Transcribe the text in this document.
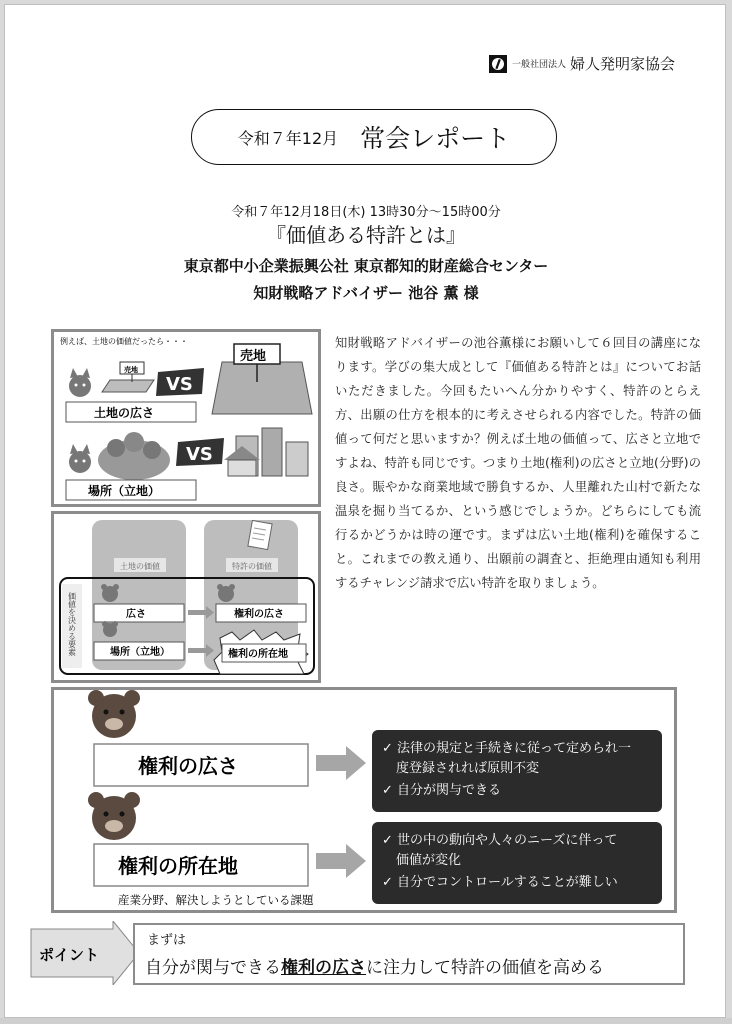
一般社団法人 婦人発明家協会
令和７年12月 常会レポート
令和７年12月18日(木) 13時30分～15時00分
『価値ある特許とは』
東京都中小企業振興公社 東京都知的財産総合センター
知財戦略アドバイザー 池谷 薫 様
例えば、土地の価値だったら・・・
売地
VS
売地
土地の広さ
VS
場所（立地）
土地の価値	特許の価値
価値を決める要素	広さ	権利の広さ
場所（立地）	権利の所在地
知財戦略アドバイザーの池谷薫様にお願いして６回目の講座になります。学びの集大成として『価値ある特許とは』についてお話いただきました。今回もたいへん分かりやすく、特許のとらえ方、出願の仕方を根本的に考えさせられる内容でした。特許の価値って何だと思いますか？例えば土地の価値って、広さと立地ですよね、特許も同じです。つまり土地(権利)の広さと立地(分野)の良さ。賑やかな商業地域で勝負するか、人里離れた山村で新たな温泉を掘り当てるか、という感じでしょうか。どちらにしても流行るかどうかは時の運です。まずは広い土地(権利)を確保すること。これまでの教え通り、出願前の調査と、拒絶理由通知も利用するチャレンジ請求で広い特許を取りましょう。
権利の広さ
✓ 法律の規定と手続きに従って定められ一
度登録されれば原則不変
✓ 自分が関与できる
権利の所在地
✓ 世の中の動向や人々のニーズに伴って
価値が変化
✓ 自分でコントロールすることが難しい
産業分野、解決しようとしている課題
ポイント
まずは
自分が関与できる権利の広さに注力して特許の価値を高める
